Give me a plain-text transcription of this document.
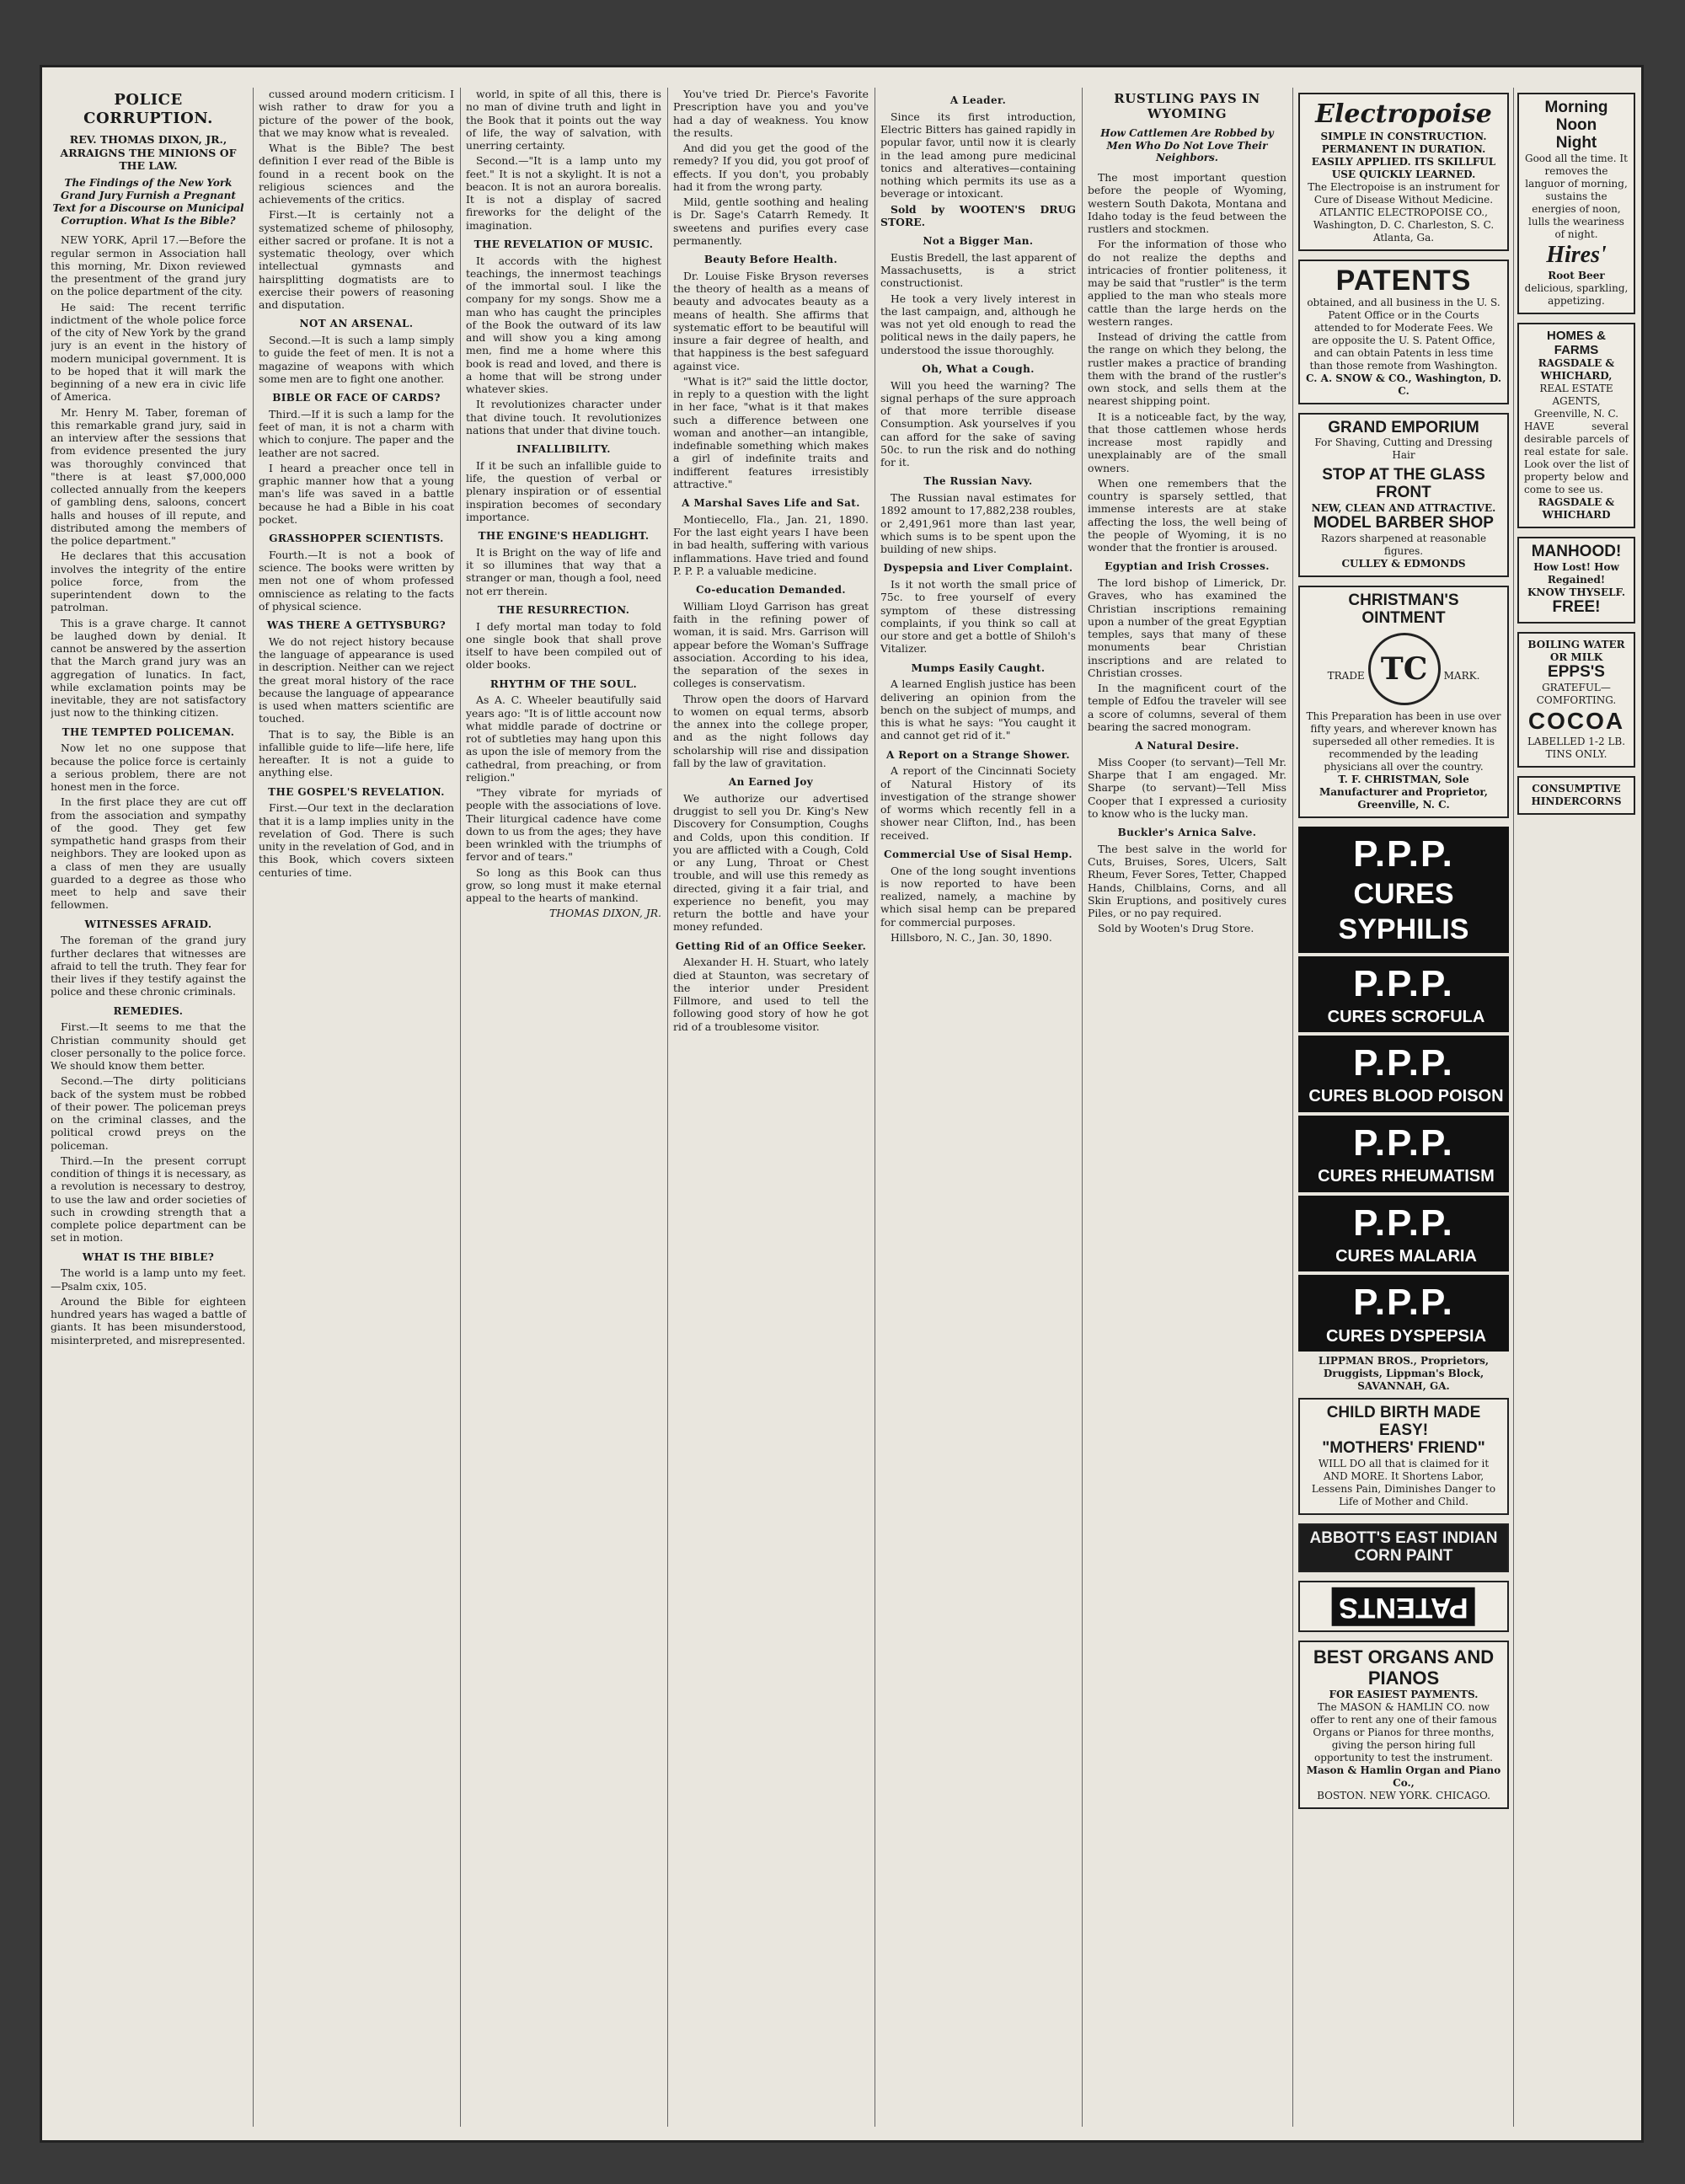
POLICE CORRUPTION.
REV. THOMAS DIXON, JR., ARRAIGNS THE MINIONS OF THE LAW.
The Findings of the New York Grand Jury Furnish a Pregnant Text for a Discourse on Municipal Corruption. What Is the Bible?

NEW YORK, April 17.—Before the regular sermon in Association hall this morning, Mr. Dixon reviewed the presentment of the grand jury on the police department of the city.

He said: The recent terrific indictment of the whole police force of the city of New York by the grand jury is an event in the history of modern municipal government. It is to be hoped that it will mark the beginning of a new era in civic life of America.

Mr. Henry M. Taber, foreman of this remarkable grand jury, said in an interview after the sessions that from evidence presented the jury was thoroughly convinced that "there is at least $7,000,000 collected annually from the keepers of gambling dens, saloons, concert halls and houses of ill repute, and distributed among the members of the police department."

He declares that this accusation involves the integrity of the entire police force, from the superintendent down to the patrolman.

This is a grave charge. It cannot be laughed down by denial. It cannot be answered by the assertion that the March grand jury was an aggregation of lunatics. In fact, while exclamation points may be inevitable, they are not satisfactory just now to the thinking citizen.

THE TEMPTED POLICEMAN.

Now let no one suppose that because the police force is certainly a serious problem, there are not honest men in the force.

In the first place they are cut off from the association and sympathy of the good. They get few sympathetic hand grasps from their neighbors. They are looked upon as a class of men they are usually guarded to a degree as those who meet to help and save their fellowmen.

WITNESSES AFRAID.

The foreman of the grand jury further declares that witnesses are afraid to tell the truth. They fear for their lives if they testify against the police and these chronic criminals.

REMEDIES.

First.—It seems to me that the Christian community should get closer personally to the police force. We should know them better.

Second.—The dirty politicians back of the system must be robbed of their power. The policeman preys on the criminal classes, and the political crowd preys on the policeman.

Third.—In the present corrupt condition of things it is necessary, as a revolution is necessary to destroy, to use the law and order societies of such in crowding strength that a complete police department can be set in motion.

WHAT IS THE BIBLE?

The world is a lamp unto my feet.—Psalm cxix, 105.

Around the Bible for eighteen hundred years has waged a battle of giants. It has been misunderstood, misinterpreted, and misrepresented.

cussed around modern criticism. I wish rather to draw for you a picture of the power of the book, that we may know what is revealed.

What is the Bible? The best definition I ever read of the Bible is found in a recent book on the religious sciences and the achievements of the critics.

First.—It is certainly not a systematized scheme of philosophy, either sacred or profane. It is not a systematic theology, over which intellectual gymnasts and hairsplitting dogmatists are to exercise their powers of reasoning and disputation.

NOT AN ARSENAL.

Second.—It is such a lamp simply to guide the feet of men. It is not a magazine of weapons with which some men are to fight one another.

BIBLE OR FACE OF CARDS?

Third.—If it is such a lamp for the feet of man, it is not a charm with which to conjure. The paper and the leather are not sacred.

I heard a preacher once tell in graphic manner how that a young man's life was saved in a battle because he had a Bible in his coat pocket.

GRASSHOPPER SCIENTISTS.

Fourth.—It is not a book of science. The books were written by men not one of whom professed omniscience as relating to the facts of physical science.

WAS THERE A GETTYSBURG?

We do not reject history because the language of appearance is used in description. Neither can we reject the great moral history of the race because the language of appearance is used when matters scientific are touched.

That is to say, the Bible is an infallible guide to life—life here, life hereafter. It is not a guide to anything else.

THE GOSPEL'S REVELATION.

First.—Our text in the declaration that it is a lamp implies unity in the revelation of God. There is such unity in the revelation of God, and in this Book, which covers sixteen centuries of time.

world, in spite of all this, there is no man of divine truth and light in the Book that it points out the way of life, the way of salvation, with unerring certainty.

Second.—"It is a lamp unto my feet." It is not a skylight. It is not a beacon. It is not an aurora borealis. It is not a display of sacred fireworks for the delight of the imagination.

THE REVELATION OF MUSIC.

It accords with the highest teachings, the innermost teachings of the immortal soul. I like the company for my songs. Show me a man who has caught the principles of the Book the outward of its law and will show you a king among men, find me a home where this book is read and loved, and there is a home that will be strong under whatever skies.

It revolutionizes character under that divine touch. It revolutionizes nations that under that divine touch.

INFALLIBILITY.

If it be such an infallible guide to life, the question of verbal or plenary inspiration or of essential inspiration becomes of secondary importance.

THE ENGINE'S HEADLIGHT.

It is Bright on the way of life and it so illumines that way that a stranger or man, though a fool, need not err therein.

THE RESURRECTION.

I defy mortal man today to fold one single book that shall prove itself to have been compiled out of older books.

RHYTHM OF THE SOUL.

As A. C. Wheeler beautifully said years ago: "It is of little account now what middle parade of doctrine or rot of subtleties may hang upon this as upon the isle of memory from the cathedral, from preaching, or from religion."

"They vibrate for myriads of people with the associations of love. Their liturgical cadence have come down to us from the ages; they have been wrinkled with the triumphs of fervor and of tears."

So long as this Book can thus grow, so long must it make eternal appeal to the hearts of mankind.

THOMAS DIXON, JR.

You've tried Dr. Pierce's Favorite Prescription have you and you've had a day of weakness. You know the results.

And did you get the good of the remedy? If you did, you got proof of effects. If you don't, you probably had it from the wrong party.

Mild, gentle soothing and healing is Dr. Sage's Catarrh Remedy. It sweetens and purifies every case permanently.

Beauty Before Health.

Dr. Louise Fiske Bryson reverses the theory of health as a means of beauty and advocates beauty as a means of health. She affirms that systematic effort to be beautiful will insure a fair degree of health, and that happiness is the best safeguard against vice.

"What is it?" said the little doctor, in reply to a question with the light in her face, "what is it that makes such a difference between one woman and another—an intangible, indefinable something which makes a girl of indefinite traits and indifferent features irresistibly attractive."

A Marshal Saves Life and Sat.

Montiecello, Fla., Jan. 21, 1890. For the last eight years I have been in bad health, suffering with various inflammations. Have tried and found P. P. P. a valuable medicine.

Co-education Demanded.

William Lloyd Garrison has great faith in the refining power of woman, it is said. Mrs. Garrison will appear before the Woman's Suffrage association. According to his idea, the separation of the sexes in colleges is conservatism.

Throw open the doors of Harvard to women on equal terms, absorb the annex into the college proper, and as the night follows day scholarship will rise and dissipation fall by the law of gravitation.

An Earned Joy

We authorize our advertised druggist to sell you Dr. King's New Discovery for Consumption, Coughs and Colds, upon this condition. If you are afflicted with a Cough, Cold or any Lung, Throat or Chest trouble, and will use this remedy as directed, giving it a fair trial, and experience no benefit, you may return the bottle and have your money refunded.

Getting Rid of an Office Seeker.

Alexander H. H. Stuart, who lately died at Staunton, was secretary of the interior under President Fillmore, and used to tell the following good story of how he got rid of a troublesome visitor.

A Leader.

Since its first introduction, Electric Bitters has gained rapidly in popular favor, until now it is clearly in the lead among pure medicinal tonics and alteratives—containing nothing which permits its use as a beverage or intoxicant.

Sold by WOOTEN'S DRUG STORE.

Not a Bigger Man.

Eustis Bredell, the last apparent of Massachusetts, is a strict constructionist.

He took a very lively interest in the last campaign, and, although he was not yet old enough to read the political news in the daily papers, he understood the issue thoroughly.

Oh, What a Cough.

Will you heed the warning? The signal perhaps of the sure approach of that more terrible disease Consumption. Ask yourselves if you can afford for the sake of saving 50c. to run the risk and do nothing for it.

The Russian Navy.

The Russian naval estimates for 1892 amount to 17,882,238 roubles, or 2,491,961 more than last year, which sums is to be spent upon the building of new ships.

Dyspepsia and Liver Complaint.

Is it not worth the small price of 75c. to free yourself of every symptom of these distressing complaints, if you think so call at our store and get a bottle of Shiloh's Vitalizer.

Mumps Easily Caught.

A learned English justice has been delivering an opinion from the bench on the subject of mumps, and this is what he says: "You caught it and cannot get rid of it."

A Report on a Strange Shower.

A report of the Cincinnati Society of Natural History of its investigation of the strange shower of worms which recently fell in a shower near Clifton, Ind., has been received.

Commercial Use of Sisal Hemp.

One of the long sought inventions is now reported to have been realized, namely, a machine by which sisal hemp can be prepared for commercial purposes.

Hillsboro, N. C., Jan. 30, 1890.

RUSTLING PAYS IN WYOMING
How Cattlemen Are Robbed by Men Who Do Not Love Their Neighbors.

The most important question before the people of Wyoming, western South Dakota, Montana and Idaho today is the feud between the rustlers and stockmen.

For the information of those who do not realize the depths and intricacies of frontier politeness, it may be said that "rustler" is the term applied to the man who steals more cattle than the large herds on the western ranges.

Instead of driving the cattle from the range on which they belong, the rustler makes a practice of branding them with the brand of the rustler's own stock, and sells them at the nearest shipping point.

It is a noticeable fact, by the way, that those cattlemen whose herds increase most rapidly and unexplainably are of the small owners.

When one remembers that the country is sparsely settled, that immense interests are at stake affecting the loss, the well being of the people of Wyoming, it is no wonder that the frontier is aroused.

Egyptian and Irish Crosses.

The lord bishop of Limerick, Dr. Graves, who has examined the Christian inscriptions remaining upon a number of the great Egyptian temples, says that many of these monuments bear Christian inscriptions and are related to Christian crosses.

In the magnificent court of the temple of Edfou the traveler will see a score of columns, several of them bearing the sacred monogram.

A Natural Desire.

Miss Cooper (to servant)—Tell Mr. Sharpe that I am engaged. Mr. Sharpe (to servant)—Tell Miss Cooper that I expressed a curiosity to know who is the lucky man.

Buckler's Arnica Salve.

The best salve in the world for Cuts, Bruises, Sores, Ulcers, Salt Rheum, Fever Sores, Tetter, Chapped Hands, Chilblains, Corns, and all Skin Eruptions, and positively cures Piles, or no pay required.

Sold by Wooten's Drug Store.

Electropoise
SIMPLE IN CONSTRUCTION. PERMANENT IN DURATION. EASILY APPLIED. ITS SKILLFUL USE QUICKLY LEARNED.
The Electropoise is an instrument for Cure of Disease Without Medicine.
ATLANTIC ELECTROPOISE CO., Washington, D. C. Charleston, S. C. Atlanta, Ga.
PATENTS
obtained, and all business in the U. S. Patent Office or in the Courts attended to for Moderate Fees. We are opposite the U. S. Patent Office, and can obtain Patents in less time than those remote from Washington.
C. A. SNOW & CO., Washington, D. C.
GRAND EMPORIUM
For Shaving, Cutting and Dressing Hair
STOP AT THE GLASS FRONT
NEW, CLEAN AND ATTRACTIVE.
MODEL BARBER SHOP
Razors sharpened at reasonable figures.
CULLEY & EDMONDS
CHRISTMAN'S OINTMENT
TRADE TC MARK.
This Preparation has been in use over fifty years, and wherever known has superseded all other remedies. It is recommended by the leading physicians all over the country.
T. F. CHRISTMAN, Sole Manufacturer and Proprietor, Greenville, N. C.
P.P.P.
CURES SYPHILIS
P.P.P. CURES SCROFULA
P.P.P. CURES BLOOD POISON
P.P.P. CURES RHEUMATISM
P.P.P. CURES MALARIA
P.P.P. CURES DYSPEPSIA
LIPPMAN BROS., Proprietors, Druggists, Lippman's Block, SAVANNAH, GA.
CHILD BIRTH MADE EASY!
"MOTHERS' FRIEND"
WILL DO all that is claimed for it AND MORE. It Shortens Labor, Lessens Pain, Diminishes Danger to Life of Mother and Child.
ABBOTT'S EAST INDIAN CORN PAINT
PATENTS
BEST ORGANS AND PIANOS
FOR EASIEST PAYMENTS.
The MASON & HAMLIN CO. now offer to rent any one of their famous Organs or Pianos for three months, giving the person hiring full opportunity to test the instrument.
Mason & Hamlin Organ and Piano Co.,
BOSTON. NEW YORK. CHICAGO.
Morning
Noon
Night
Good all the time. It removes the languor of morning, sustains the energies of noon, lulls the weariness of night.
Hires'
Root Beer
delicious, sparkling, appetizing.
HOMES & FARMS
RAGSDALE & WHICHARD,
REAL ESTATE AGENTS, Greenville, N. C.
HAVE several desirable parcels of real estate for sale. Look over the list of property below and come to see us.
RAGSDALE & WHICHARD
MANHOOD!
How Lost! How Regained!
KNOW THYSELF.
FREE!
BOILING WATER OR MILK
EPPS'S
GRATEFUL—COMFORTING.
COCOA
LABELLED 1-2 LB. TINS ONLY.
CONSUMPTIVE
HINDERCORNS
